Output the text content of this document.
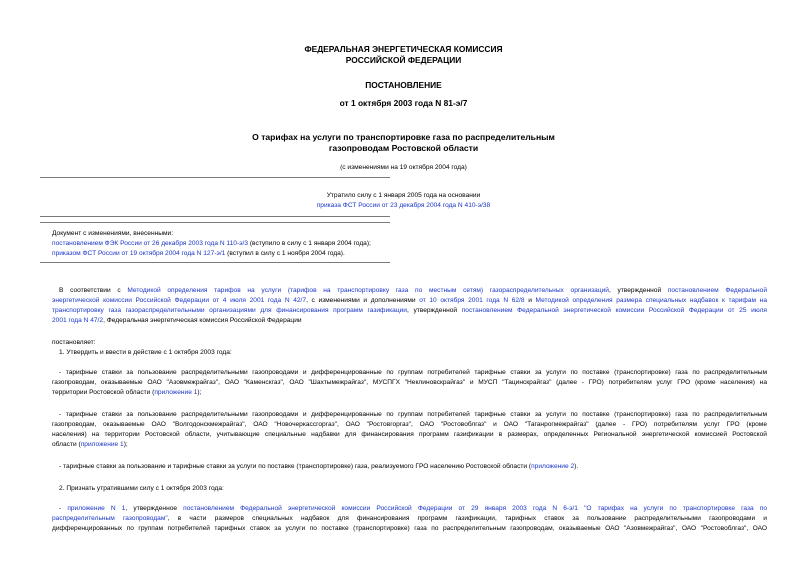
ФЕДЕРАЛЬНАЯ ЭНЕРГЕТИЧЕСКАЯ КОМИССИЯ
РОССИЙСКОЙ ФЕДЕРАЦИИ
ПОСТАНОВЛЕНИЕ
от 1 октября 2003 года N 81-э/7
О тарифах на услуги по транспортировке газа по распределительным
газопроводам Ростовской области
(с изменениями на 19 октября 2004 года)
Утратило силу с 1 января 2005 года на основании
приказа ФСТ России от 23 декабря 2004 года N 410-э/38
Документ с изменениями, внесенными:
постановлением ФЭК России от 26 декабря 2003 года N 110-э/3 (вступило в силу с 1 января 2004 года);
приказом ФСТ России от 19 октября 2004 года N 127-э/1 (вступил в силу с 1 ноября 2004 года).
В соответствии с Методикой определения тарифов на услуги (тарифов на транспортировку газа по местным сетям) газораспределительных организаций, утвержденной постановлением Федеральной
энергетической комиссии Российской Федерации от 4 июля 2001 года N 42/7, с изменениями и дополнениями от 10 октября 2001 года N 62/8 и Методикой определения размера специальных надбавок к тарифам на
транспортировку газа газораспределительными организациями для финансирования программ газификации, утвержденной постановлением Федеральной энергетической комиссии Российской Федерации от 25 июля
2001 года N 47/2, Федеральная энергетическая комиссия Российской Федерации
постановляет:
1. Утвердить и ввести в действие с 1 октября 2003 года:
- тарифные ставки за пользование распределительными газопроводами и дифференцированные по группам потребителей тарифные ставки за услуги по поставке (транспортировке) газа по распределительным
газопроводам, оказываемые ОАО "Азовмежрайгаз", ОАО "Каменскгаз", ОАО "Шахтымежрайгаз", МУСПГХ "Неклиновскрайгаз" и МУСП "Тацинскрайгаз" (далее - ГРО) потребителям услуг ГРО (кроме населения) на
территории Ростовской области (приложение 1);
- тарифные ставки за пользование распределительными газопроводами и дифференцированные по группам потребителей тарифные ставки за услуги по поставке (транспортировке) газа по распределительным
газопроводам, оказываемые ОАО "Волгодонскмежрайгаз", ОАО "Новочеркассгоргаз", ОАО "Ростовгоргаз", ОАО "Ростовоблгаз" и ОАО "Таганрогмежрайгаз" (далее - ГРО) потребителям услуг ГРО (кроме
населения) на территории Ростовской области, учитывающие специальные надбавки для финансирования программ газификации в размерах, определенных Региональной энергетической комиссией Ростовской
области (приложение 1);
- тарифные ставки за пользование и тарифные ставки за услуги по поставке (транспортировке) газа, реализуемого ГРО населению Ростовской области (приложение 2).
2. Признать утратившими силу с 1 октября 2003 года:
- приложение N 1, утвержденное постановлением Федеральной энергетической комиссии Российской Федерации от 29 января 2003 года N 6-э/1 "О тарифах на услуги по транспортировке газа по
распределительным газопроводам", в части размеров специальных надбавок для финансирования программ газификации, тарифных ставок за пользование распределительными газопроводами и
дифференцированных по группам потребителей тарифных ставок за услуги по поставке (транспортировке) газа по распределительным газопроводам, оказываемые ОАО "Азовмежрайгаз", ОАО "Ростовоблгаз", ОАО
